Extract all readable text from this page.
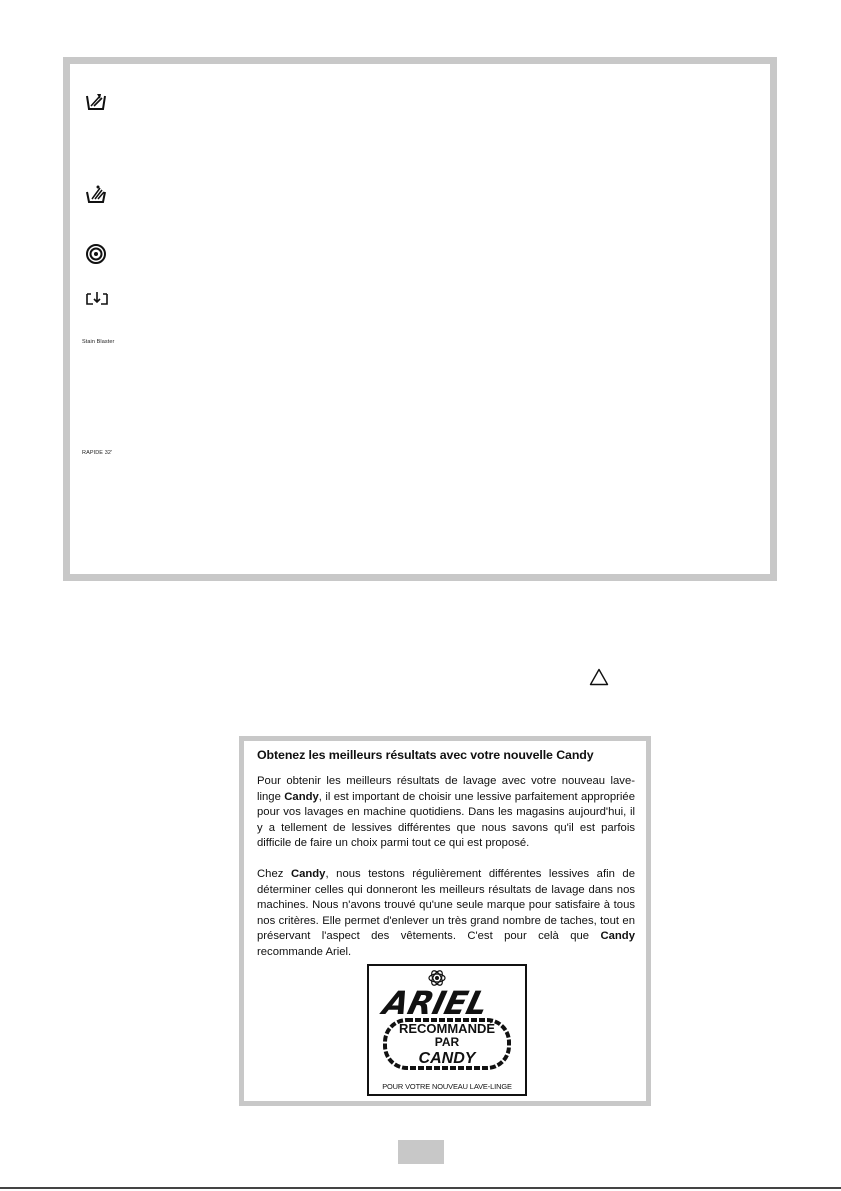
Stain Blaster
RAPIDE 32'
Obtenez les meilleurs résultats avec votre nouvelle Candy

Pour obtenir les meilleurs résultats de lavage avec votre nouveau lave-linge Candy, il est important de choisir une lessive parfaitement appropriée pour vos lavages en machine quotidiens. Dans les magasins aujourd'hui, il y a tellement de lessives différentes que nous savons qu'il est parfois difficile de faire un choix parmi tout ce qui est proposé.

Chez Candy, nous testons régulièrement différentes lessives afin de déterminer celles qui donneront les meilleurs résultats de lavage dans nos machines. Nous n'avons trouvé qu'une seule marque pour satisfaire à tous nos critères. Elle permet d'enlever un très grand nombre de taches, tout en préservant l'aspect des vêtements. C'est pour celà que Candy recommande Ariel.

ARIEL
RECOMMANDÉ
PAR
CANDY
POUR VOTRE NOUVEAU LAVE-LINGE
